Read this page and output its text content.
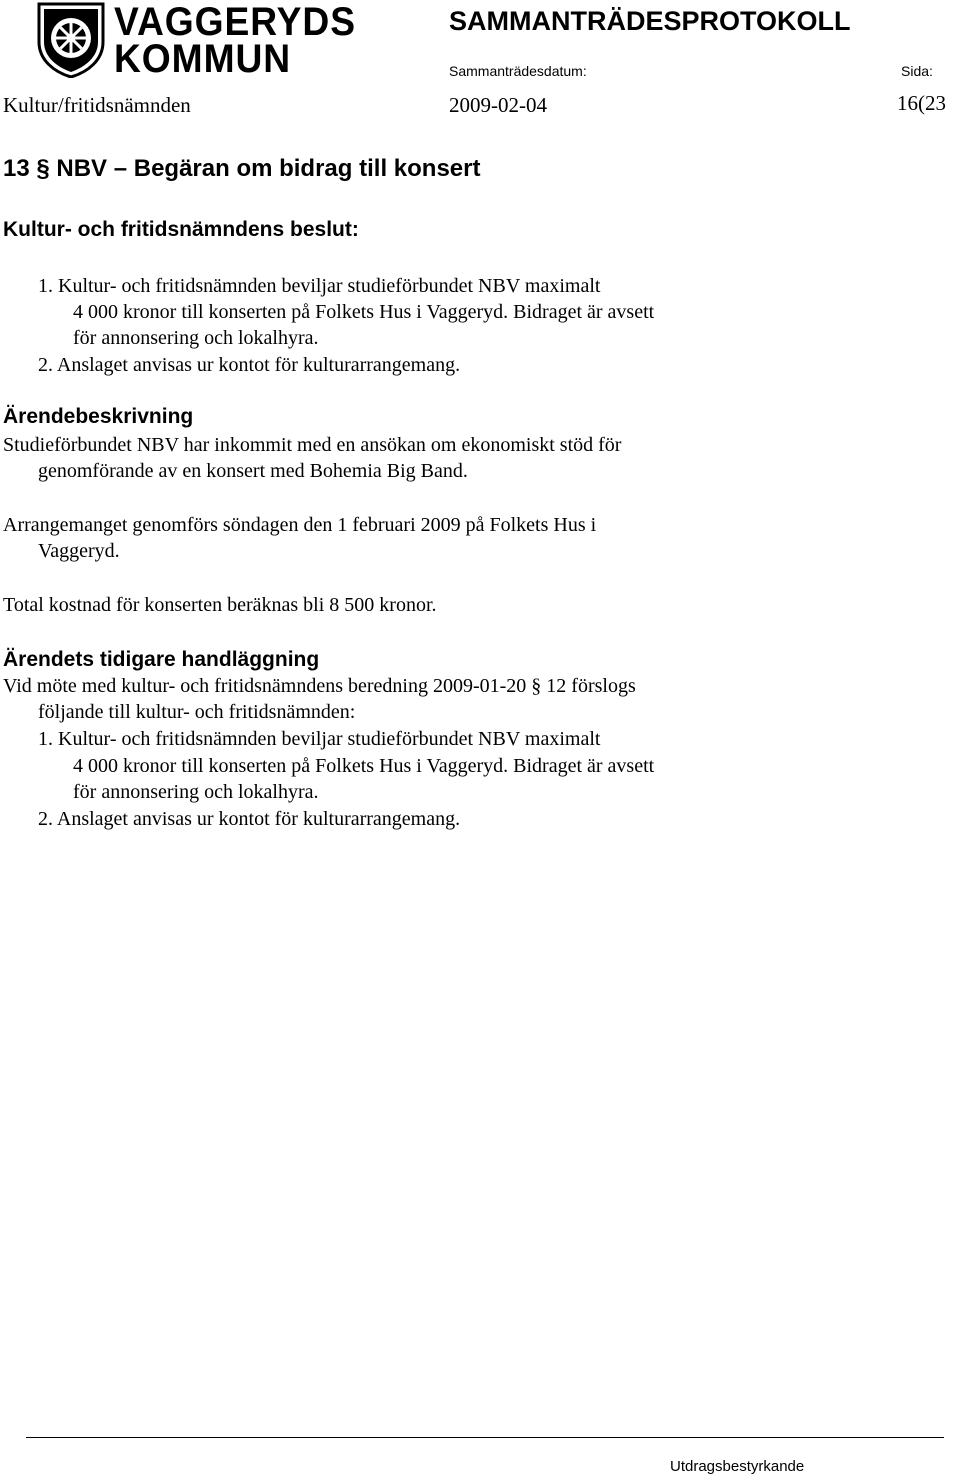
VAGGERYDS
KOMMUN
SAMMANTRÄDESPROTOKOLL
Sammanträdesdatum:	Sida:
Kultur/fritidsnämnden	2009-02-04	16(23
13 § NBV – Begäran om bidrag till konsert
Kultur- och fritidsnämndens beslut:
1. Kultur- och fritidsnämnden beviljar studieförbundet NBV maximalt
4 000 kronor till konserten på Folkets Hus i Vaggeryd. Bidraget är avsett
för annonsering och lokalhyra.
2. Anslaget anvisas ur kontot för kulturarrangemang.
Ärendebeskrivning
Studieförbundet NBV har inkommit med en ansökan om ekonomiskt stöd för
genomförande av en konsert med Bohemia Big Band.
Arrangemanget genomförs söndagen den 1 februari 2009 på Folkets Hus i
Vaggeryd.
Total kostnad för konserten beräknas bli 8 500 kronor.
Ärendets tidigare handläggning
Vid möte med kultur- och fritidsnämndens beredning 2009-01-20 § 12 förslogs
följande till kultur- och fritidsnämnden:
1. Kultur- och fritidsnämnden beviljar studieförbundet NBV maximalt
4 000 kronor till konserten på Folkets Hus i Vaggeryd. Bidraget är avsett
för annonsering och lokalhyra.
2. Anslaget anvisas ur kontot för kulturarrangemang.
Utdragsbestyrkande
